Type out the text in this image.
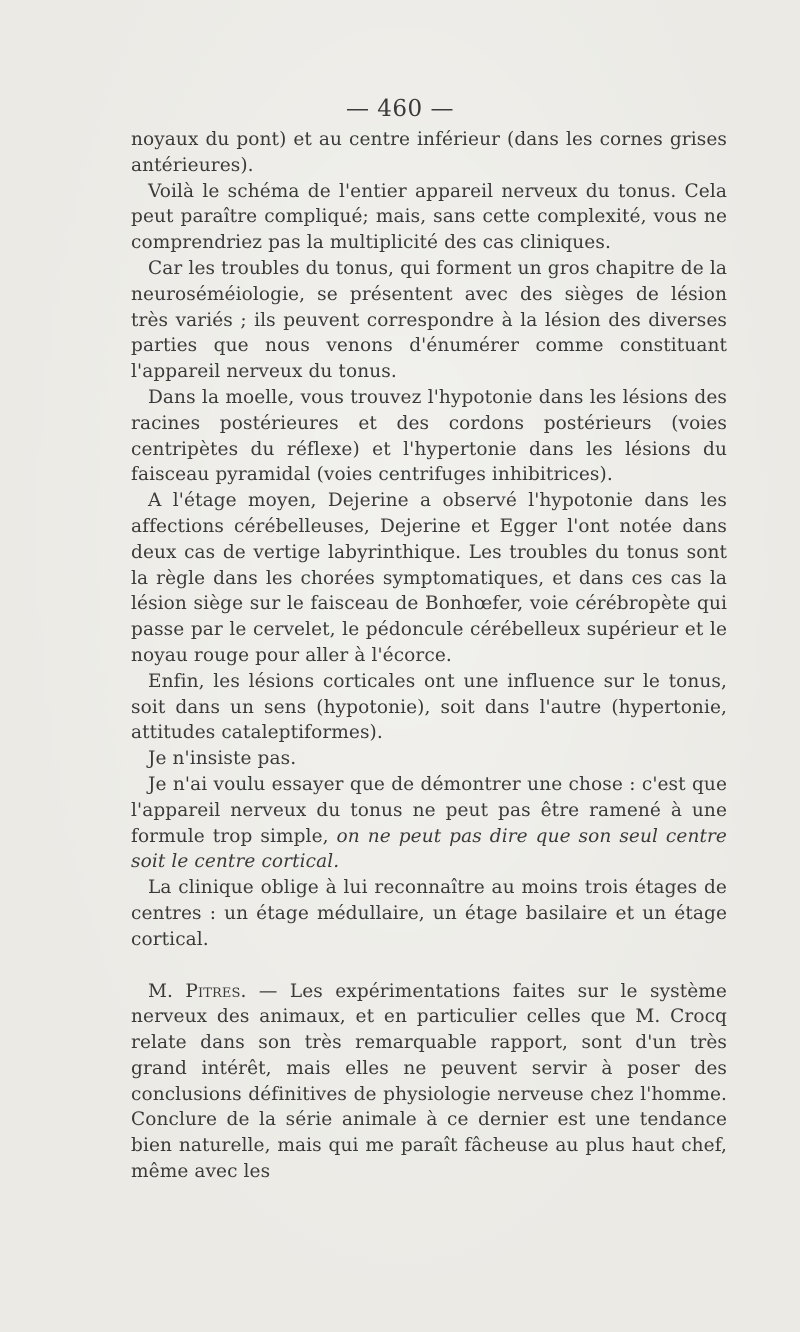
— 460 —

noyaux du pont) et au centre inférieur (dans les cornes grises antérieures).

Voilà le schéma de l'entier appareil nerveux du tonus. Cela peut paraître compliqué; mais, sans cette complexité, vous ne comprendriez pas la multiplicité des cas cliniques.

Car les troubles du tonus, qui forment un gros chapitre de la neuroséméiologie, se présentent avec des sièges de lésion très variés ; ils peuvent correspondre à la lésion des diverses parties que nous venons d'énumérer comme constituant l'appareil nerveux du tonus.

Dans la moelle, vous trouvez l'hypotonie dans les lésions des racines postérieures et des cordons postérieurs (voies centripètes du réflexe) et l'hypertonie dans les lésions du faisceau pyramidal (voies centrifuges inhibitrices).

A l'étage moyen, Dejerine a observé l'hypotonie dans les affections cérébelleuses, Dejerine et Egger l'ont notée dans deux cas de vertige labyrinthique. Les troubles du tonus sont la règle dans les chorées symptomatiques, et dans ces cas la lésion siège sur le faisceau de Bonhœfer, voie cérébropète qui passe par le cervelet, le pédoncule cérébelleux supérieur et le noyau rouge pour aller à l'écorce.

Enfin, les lésions corticales ont une influence sur le tonus, soit dans un sens (hypotonie), soit dans l'autre (hypertonie, attitudes cataleptiformes).

Je n'insiste pas.

Je n'ai voulu essayer que de démontrer une chose : c'est que l'appareil nerveux du tonus ne peut pas être ramené à une formule trop simple, on ne peut pas dire que son seul centre soit le centre cortical.

La clinique oblige à lui reconnaître au moins trois étages de centres : un étage médullaire, un étage basilaire et un étage cortical.

M. Pitres. — Les expérimentations faites sur le système nerveux des animaux, et en particulier celles que M. Crocq relate dans son très remarquable rapport, sont d'un très grand intérêt, mais elles ne peuvent servir à poser des conclusions définitives de physiologie nerveuse chez l'homme. Conclure de la série animale à ce dernier est une tendance bien naturelle, mais qui me paraît fâcheuse au plus haut chef, même avec les
